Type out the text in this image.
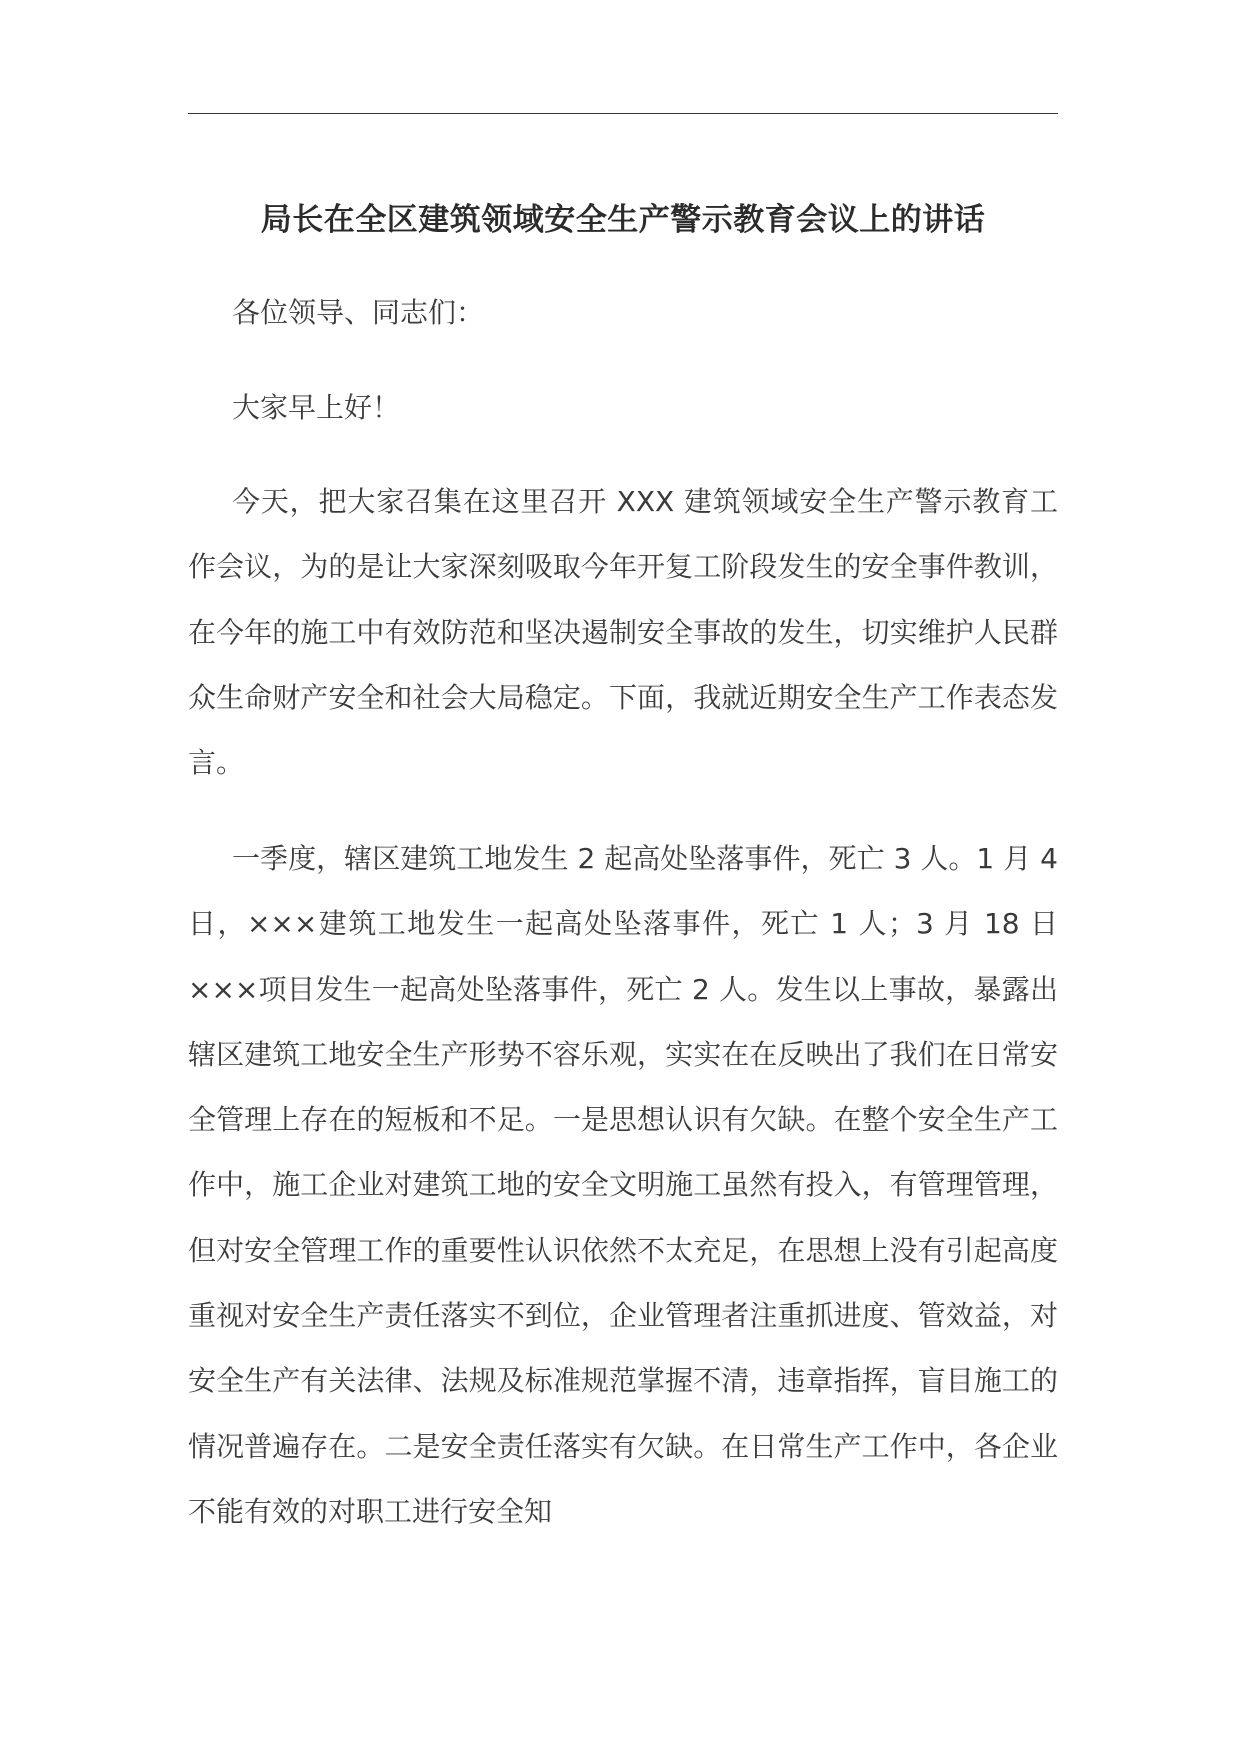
局长在全区建筑领域安全生产警示教育会议上的讲话

各位领导、同志们：

大家早上好！

今天，把大家召集在这里召开 XXX 建筑领域安全生产警示教育工作会议，为的是让大家深刻吸取今年开复工阶段发生的安全事件教训，在今年的施工中有效防范和坚决遏制安全事故的发生，切实维护人民群众生命财产安全和社会大局稳定。下面，我就近期安全生产工作表态发言。

一季度，辖区建筑工地发生 2 起高处坠落事件，死亡 3 人。1 月 4 日，×××建筑工地发生一起高处坠落事件，死亡 1 人；3 月 18 日×××项目发生一起高处坠落事件，死亡 2 人。发生以上事故，暴露出辖区建筑工地安全生产形势不容乐观，实实在在反映出了我们在日常安全管理上存在的短板和不足。一是思想认识有欠缺。在整个安全生产工作中，施工企业对建筑工地的安全文明施工虽然有投入，有管理管理，但对安全管理工作的重要性认识依然不太充足，在思想上没有引起高度重视对安全生产责任落实不到位，企业管理者注重抓进度、管效益，对安全生产有关法律、法规及标准规范掌握不清，违章指挥，盲目施工的情况普遍存在。二是安全责任落实有欠缺。在日常生产工作中，各企业不能有效的对职工进行安全知
